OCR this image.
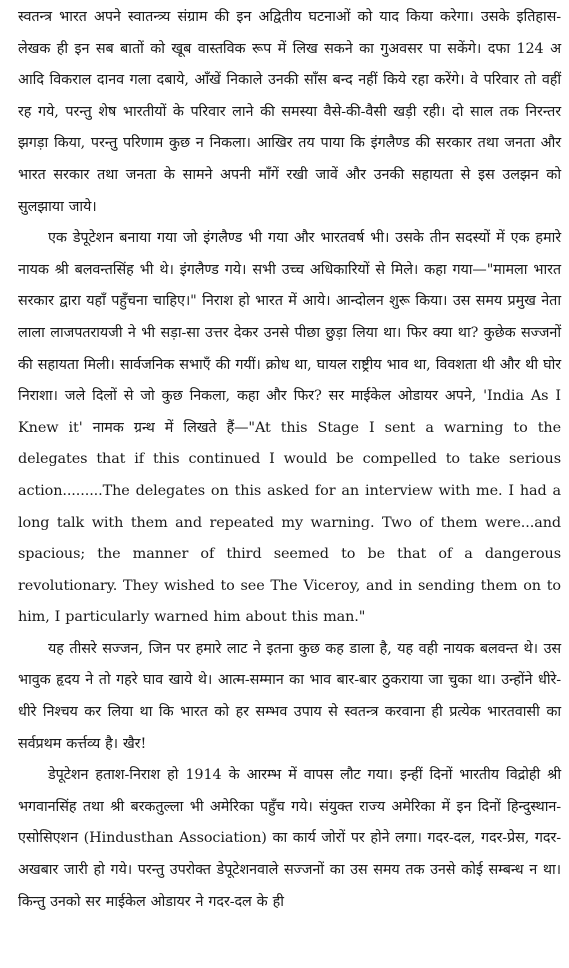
स्वतन्त्र भारत अपने स्वातन्त्र्य संग्राम की इन अद्वितीय घटनाओं को याद किया करेगा। उसके इतिहास-लेखक ही इन सब बातों को खूब वास्तविक रूप में लिख सकने का गुअवसर पा सकेंगे। दफा 124 अ आदि विकराल दानव गला दबाये, आँखें निकाले उनकी साँस बन्द नहीं किये रहा करेंगे। वे परिवार तो वहीं रह गये, परन्तु शेष भारतीयों के परिवार लाने की समस्या वैसे-की-वैसी खड़ी रही। दो साल तक निरन्तर झगड़ा किया, परन्तु परिणाम कुछ न निकला। आखिर तय पाया कि इंगलैण्ड की सरकार तथा जनता और भारत सरकार तथा जनता के सामने अपनी माँगें रखी जावें और उनकी सहायता से इस उलझन को सुलझाया जाये।

एक डेपूटेशन बनाया गया जो इंगलैण्ड भी गया और भारतवर्ष भी। उसके तीन सदस्यों में एक हमारे नायक श्री बलवन्तसिंह भी थे। इंगलैण्ड गये। सभी उच्च अधिकारियों से मिले। कहा गया—"मामला भारत सरकार द्वारा यहाँ पहुँचना चाहिए।" निराश हो भारत में आये। आन्दोलन शुरू किया। उस समय प्रमुख नेता लाला लाजपतरायजी ने भी सड़ा-सा उत्तर देकर उनसे पीछा छुड़ा लिया था। फिर क्या था? कुछेक सज्जनों की सहायता मिली। सार्वजनिक सभाएँ की गयीं। क्रोध था, घायल राष्ट्रीय भाव था, विवशता थी और थी घोर निराशा। जले दिलों से जो कुछ निकला, कहा और फिर? सर माईकेल ओडायर अपने, 'India As I Knew it' नामक ग्रन्थ में लिखते हैं—"At this Stage I sent a warning to the delegates that if this continued I would be compelled to take serious action.........The delegates on this asked for an interview with me. I had a long talk with them and repeated my warning. Two of them were...and spacious; the manner of third seemed to be that of a dangerous revolutionary. They wished to see The Viceroy, and in sending them on to him, I particularly warned him about this man."

यह तीसरे सज्जन, जिन पर हमारे लाट ने इतना कुछ कह डाला है, यह वही नायक बलवन्त थे। उस भावुक हृदय ने तो गहरे घाव खाये थे। आत्म-सम्मान का भाव बार-बार ठुकराया जा चुका था। उन्होंने धीरे-धीरे निश्चय कर लिया था कि भारत को हर सम्भव उपाय से स्वतन्त्र करवाना ही प्रत्येक भारतवासी का सर्वप्रथम कर्त्तव्य है। खैर!

डेपूटेशन हताश-निराश हो 1914 के आरम्भ में वापस लौट गया। इन्हीं दिनों भारतीय विद्रोही श्री भगवानसिंह तथा श्री बरकतुल्ला भी अमेरिका पहुँच गये। संयुक्त राज्य अमेरिका में इन दिनों हिन्दुस्थान-एसोसिएशन (Hindusthan Association) का कार्य जोरों पर होने लगा। गदर-दल, गदर-प्रेस, गदर-अखबार जारी हो गये। परन्तु उपरोक्त डेपूटेशनवाले सज्जनों का उस समय तक उनसे कोई सम्बन्ध न था। किन्तु उनको सर माईकेल ओडायर ने गदर-दल के ही
